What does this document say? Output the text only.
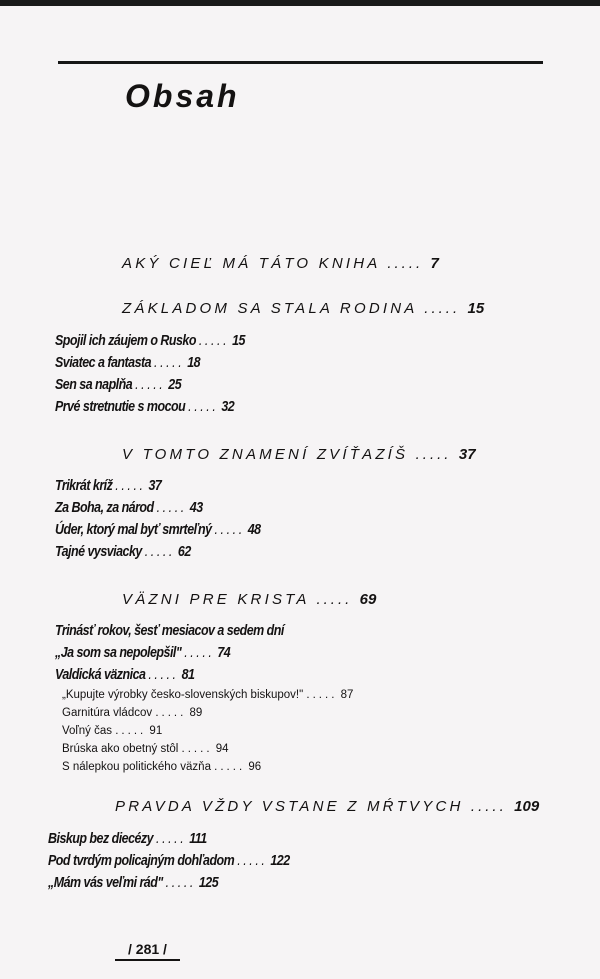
Obsah
AKÝ CIEĽ MÁ TÁTO KNIHA ..... 7
ZÁKLADOM SA STALA RODINA ..... 15
Spojil ich záujem o Rusko ..... 15
Sviatec a fantasta ..... 18
Sen sa naplňa ..... 25
Prvé stretnutie s mocou ..... 32
V TOMTO ZNAMENÍ ZVÍŤAZÍŠ ..... 37
Trikrát kríž ..... 37
Za Boha, za národ ..... 43
Úder, ktorý mal byť smrteľný ..... 48
Tajné vysviacky ..... 62
VÄZNI PRE KRISTA ..... 69
Trinásť rokov, šesť mesiacov a sedem dní
„Ja som sa nepolepšil" ..... 74
Valdická väznica ..... 81
„Kupujte výrobky česko-slovenských biskupov!" ..... 87
Garnitúra vládcov ..... 89
Voľný čas ..... 91
Brúska ako obetný stôl ..... 94
S nálepkou politického väzňa ..... 96
PRAVDA VŽDY VSTANE Z MŔTVYCH ..... 109
Biskup bez diecézy ..... 111
Pod tvrdým policajným dohľadom ..... 122
„Mám vás veľmi rád" ..... 125
/ 281 /
